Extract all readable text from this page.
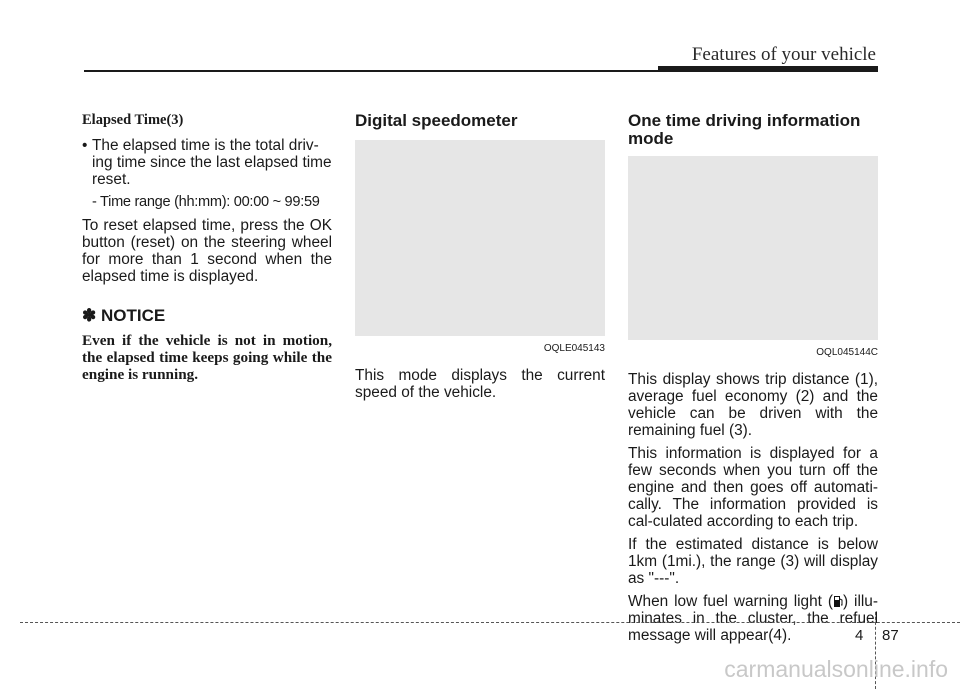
Features of your vehicle
Elapsed Time(3)
• The elapsed time is the total driv-ing time since the last elapsed time reset.
- Time range (hh:mm): 00:00 ~ 99:59

To reset elapsed time, press the OK button (reset) on the steering wheel for more than 1 second when the elapsed time is displayed.

✽ NOTICE
Even if the vehicle is not in motion, the elapsed time keeps going while the engine is running.
Digital speedometer
OQLE045143

This mode displays the current speed of the vehicle.

One time driving information mode
OQL045144C

This display shows trip distance (1), average fuel economy (2) and the vehicle can be driven with the remaining fuel (3).

This information is displayed for a few seconds when you turn off the engine and then goes off automati-cally. The information provided is cal-culated according to each trip.

If the estimated distance is below 1km (1mi.), the range (3) will display as "---".

When low fuel warning light ( ) illu-minates in the cluster, the refuel message will appear(4).	4 87
carmanualsonline.info
